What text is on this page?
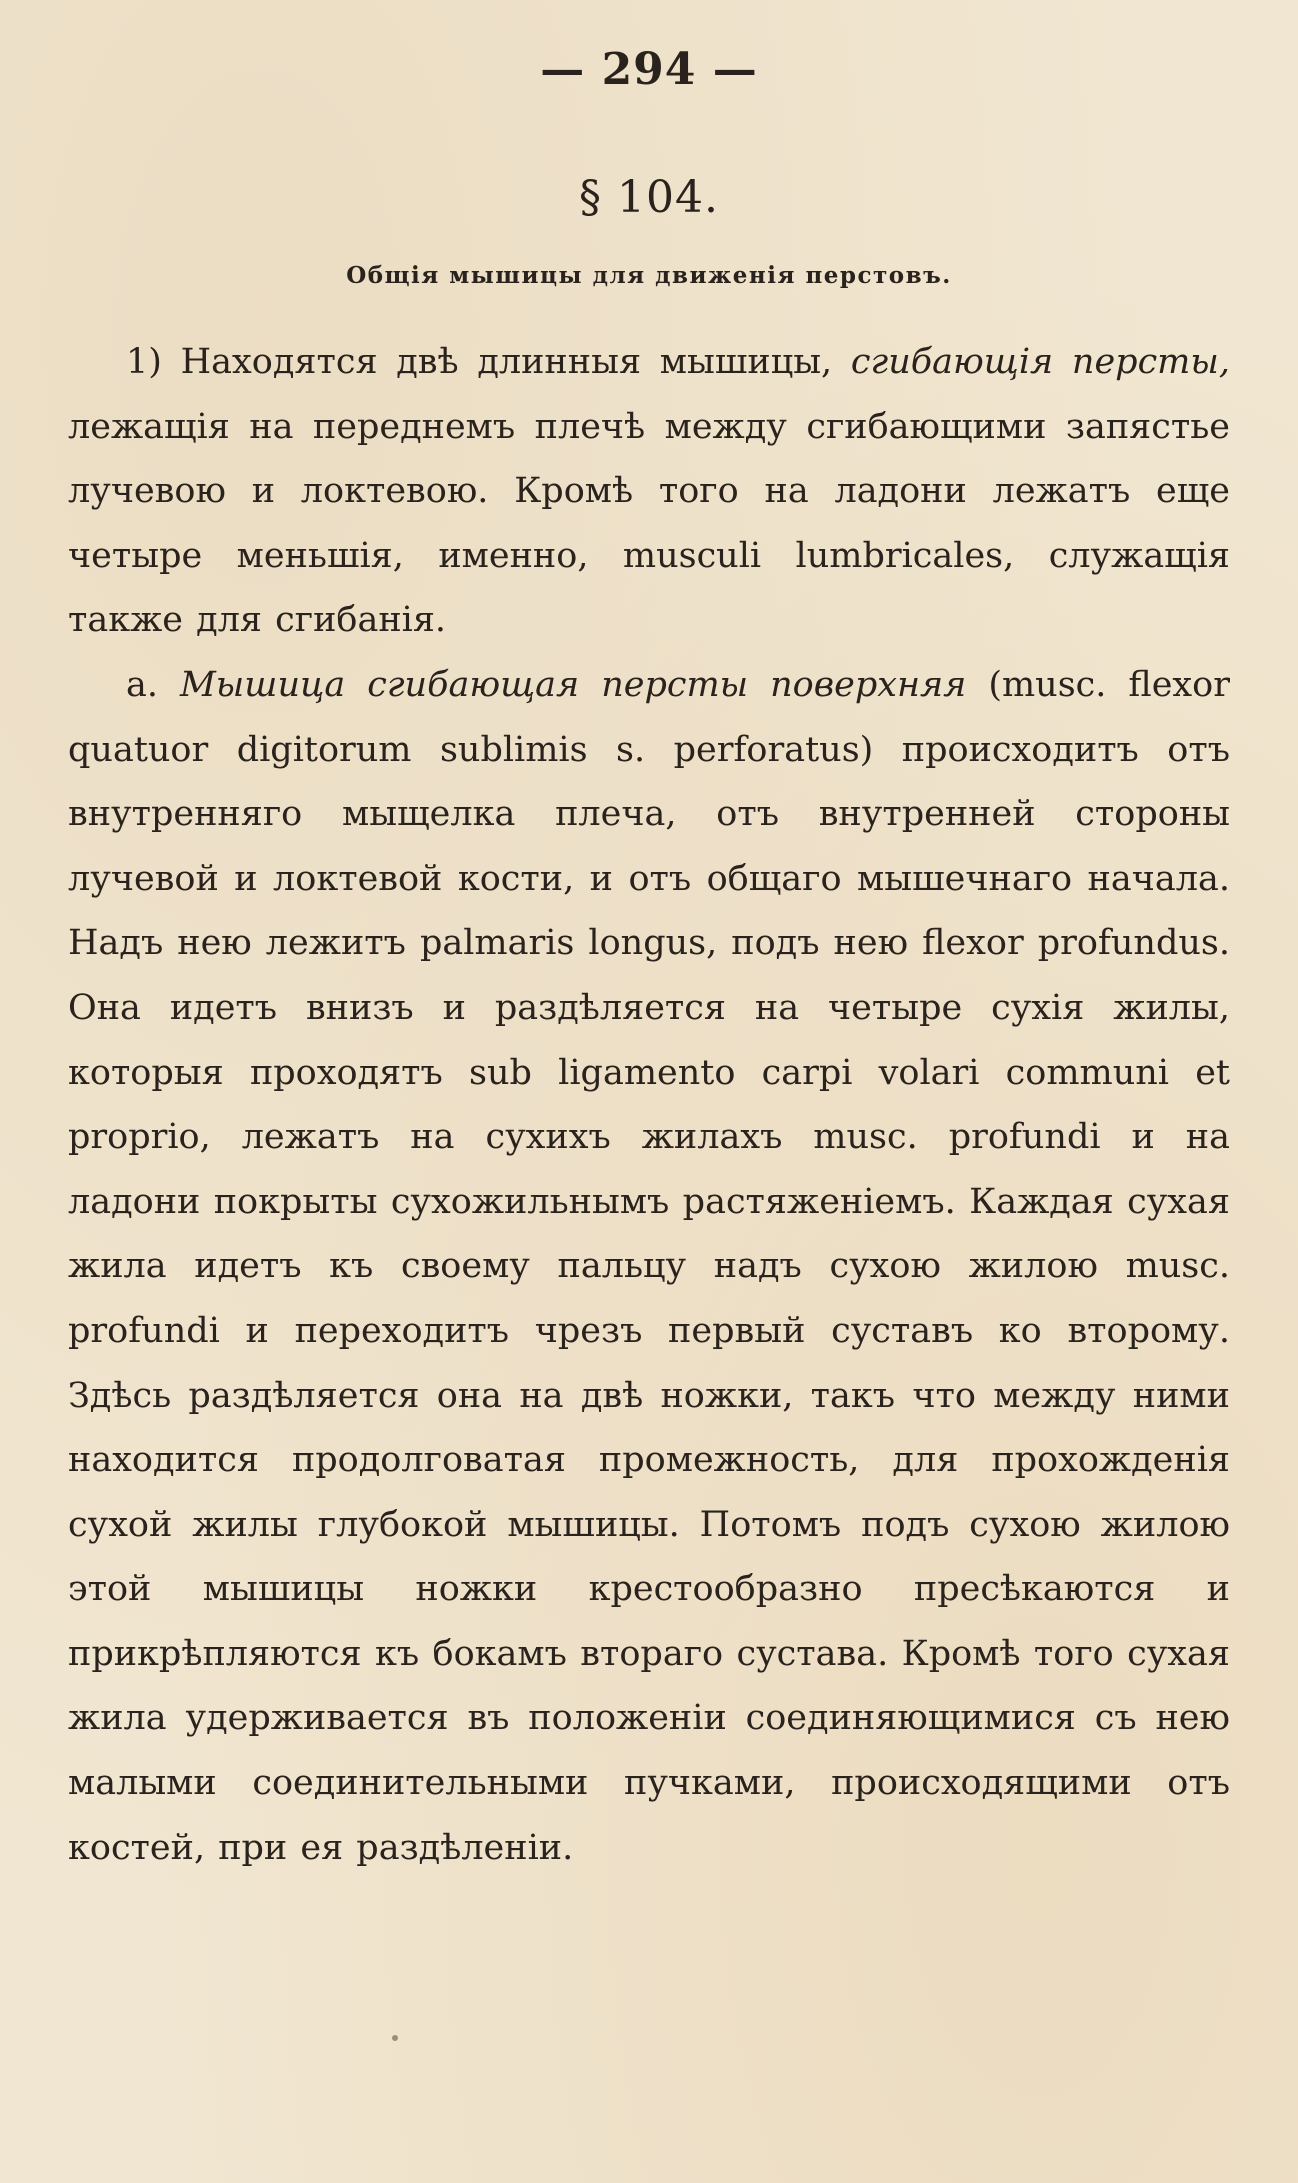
— 294 —
§ 104.
Общія мышицы для движенія перстовъ.

1) Находятся двѣ длинныя мышицы, сгибающія персты, лежащія на переднемъ плечѣ между сгибающими запястье лучевою и локтевою. Кромѣ того на ладони лежатъ еще четыре меньшія, именно, musculi lumbricales, служащія также для сгибанія.

а. Мышица сгибающая персты поверхняя (musc. flexor quatuor digitorum sublimis s. perforatus) происходитъ отъ внутренняго мыщелка плеча, отъ внутренней стороны лучевой и локтевой кости, и отъ общаго мышечнаго начала. Надъ нею лежитъ palmaris longus, подъ нею flexor profundus. Она идетъ внизъ и раздѣляется на четыре сухія жилы, которыя проходятъ sub ligamento carpi volari communi et proprio, лежатъ на сухихъ жилахъ musc. profundi и на ладони покрыты сухожильнымъ растяженіемъ. Каждая сухая жила идетъ къ своему пальцу надъ сухою жилою musc. profundi и переходитъ чрезъ первый суставъ ко второму. Здѣсь раздѣляется она на двѣ ножки, такъ что между ними находится продолговатая промежность, для прохожденія сухой жилы глубокой мышицы. Потомъ подъ сухою жилою этой мышицы ножки крестообразно пресѣкаются и прикрѣпляются къ бокамъ втораго сустава. Кромѣ того сухая жила удерживается въ положеніи соединяющимися съ нею малыми соединительными пучками, происходящими отъ костей, при ея раздѣленіи.
